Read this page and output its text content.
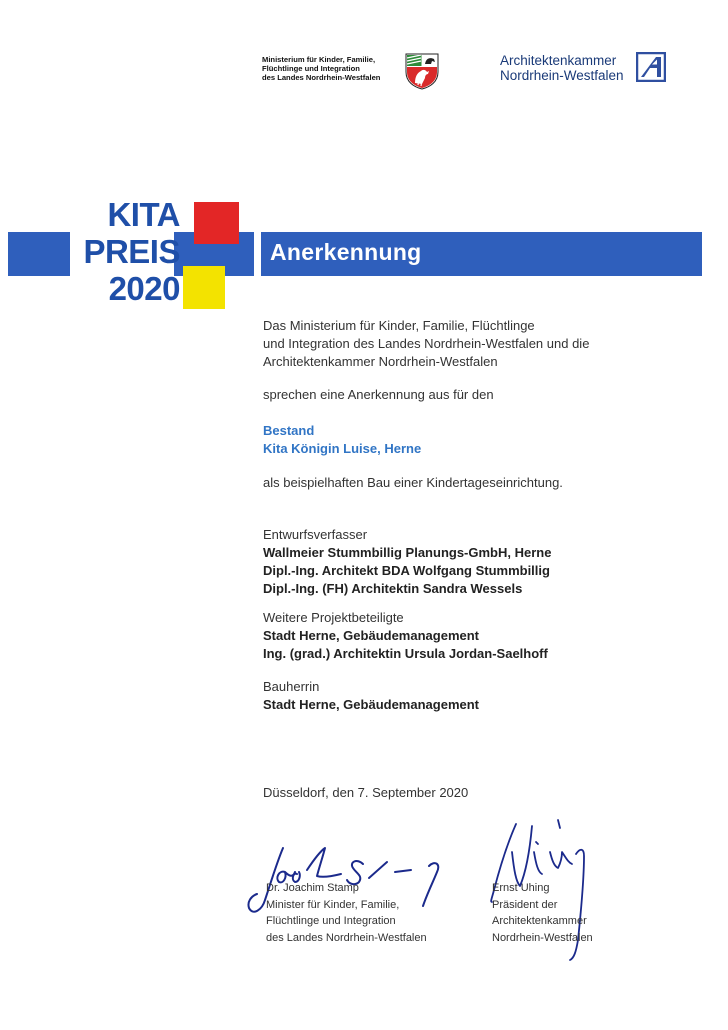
Ministerium für Kinder, Familie,
Flüchtlinge und Integration
des Landes Nordrhein-Westfalen
Architektenkammer
Nordrhein-Westfalen
KITA
PREIS
2020
Anerkennung
Das Ministerium für Kinder, Familie, Flüchtlinge
und Integration des Landes Nordrhein-Westfalen und die
Architektenkammer Nordrhein-Westfalen
sprechen eine Anerkennung aus für den
Bestand
Kita Königin Luise, Herne
als beispielhaften Bau einer Kindertageseinrichtung.
Entwurfsverfasser
Wallmeier Stummbillig Planungs-GmbH, Herne
Dipl.-Ing. Architekt BDA Wolfgang Stummbillig
Dipl.-Ing. (FH) Architektin Sandra Wessels
Weitere Projektbeteiligte
Stadt Herne, Gebäudemanagement
Ing. (grad.) Architektin Ursula Jordan-Saelhoff
Bauherrin
Stadt Herne, Gebäudemanagement
Düsseldorf, den 7. September 2020
Dr. Joachim Stamp
Minister für Kinder, Familie,
Flüchtlinge und Integration
des Landes Nordrhein-Westfalen
Ernst Uhing
Präsident der
Architektenkammer
Nordrhein-Westfalen
